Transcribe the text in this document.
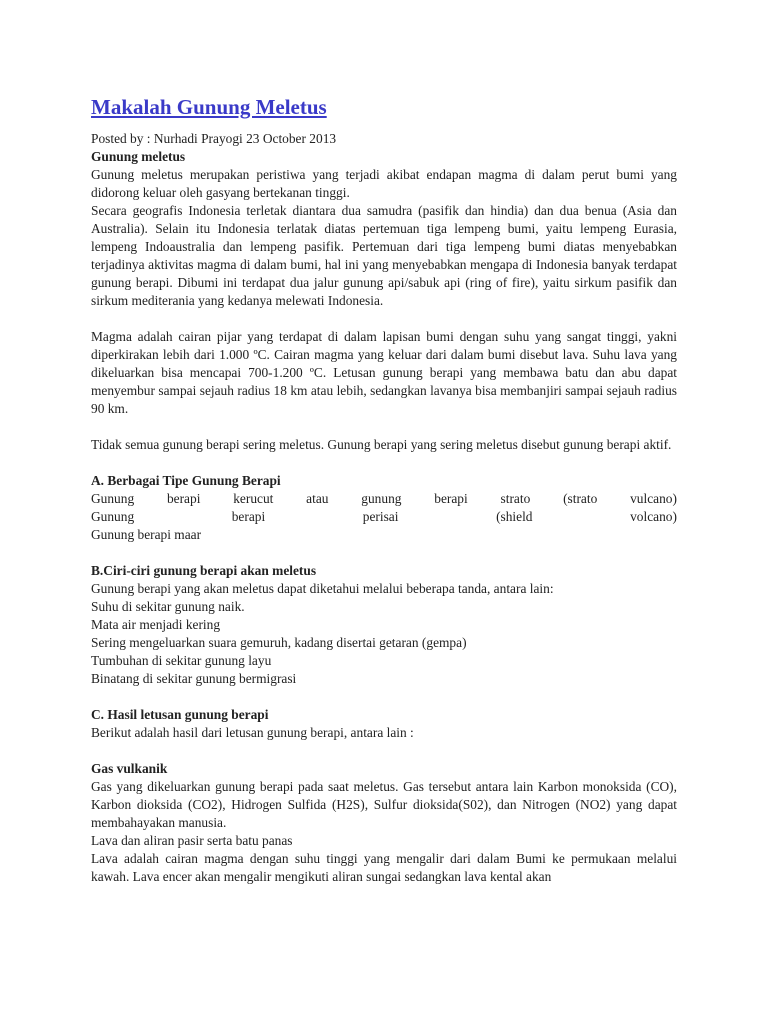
Makalah Gunung Meletus

Posted by : Nurhadi Prayogi 23 October 2013

Gunung meletus

Gunung meletus merupakan peristiwa yang terjadi akibat endapan magma di dalam perut bumi yang didorong keluar oleh gasyang bertekanan tinggi.

Secara geografis Indonesia terletak diantara dua samudra (pasifik dan hindia) dan dua benua (Asia dan Australia). Selain itu Indonesia terlatak diatas pertemuan tiga lempeng bumi, yaitu lempeng Eurasia, lempeng Indoaustralia dan lempeng pasifik. Pertemuan dari tiga lempeng bumi diatas menyebabkan terjadinya aktivitas magma di dalam bumi, hal ini yang menyebabkan mengapa di Indonesia banyak terdapat gunung berapi. Dibumi ini terdapat dua jalur gunung api/sabuk api (ring of fire), yaitu sirkum pasifik dan sirkum mediterania yang kedanya melewati Indonesia.

Magma adalah cairan pijar yang terdapat di dalam lapisan bumi dengan suhu yang sangat tinggi, yakni diperkirakan lebih dari 1.000 ºC. Cairan magma yang keluar dari dalam bumi disebut lava. Suhu lava yang dikeluarkan bisa mencapai 700-1.200 ºC. Letusan gunung berapi yang membawa batu dan abu dapat menyembur sampai sejauh radius 18 km atau lebih, sedangkan lavanya bisa membanjiri sampai sejauh radius 90 km.

Tidak semua gunung berapi sering meletus. Gunung berapi yang sering meletus disebut gunung berapi aktif.

A. Berbagai Tipe Gunung Berapi

Gunung berapi kerucut atau gunung berapi strato (strato vulcano)
Gunung	berapi	perisai	(shield	volcano)

Gunung berapi maar

B.Ciri-ciri gunung berapi akan meletus

Gunung berapi yang akan meletus dapat diketahui melalui beberapa tanda, antara lain:

Suhu di sekitar gunung naik.

Mata air menjadi kering

Sering mengeluarkan suara gemuruh, kadang disertai getaran (gempa)

Tumbuhan di sekitar gunung layu

Binatang di sekitar gunung bermigrasi

C. Hasil letusan gunung berapi

Berikut adalah hasil dari letusan gunung berapi, antara lain :

Gas vulkanik

Gas yang dikeluarkan gunung berapi pada saat meletus. Gas tersebut antara lain Karbon monoksida (CO), Karbon dioksida (CO2), Hidrogen Sulfida (H2S), Sulfur dioksida(S02), dan Nitrogen (NO2) yang dapat membahayakan manusia.

Lava dan aliran pasir serta batu panas

Lava adalah cairan magma dengan suhu tinggi yang mengalir dari dalam Bumi ke permukaan melalui kawah. Lava encer akan mengalir mengikuti aliran sungai sedangkan lava kental akan
